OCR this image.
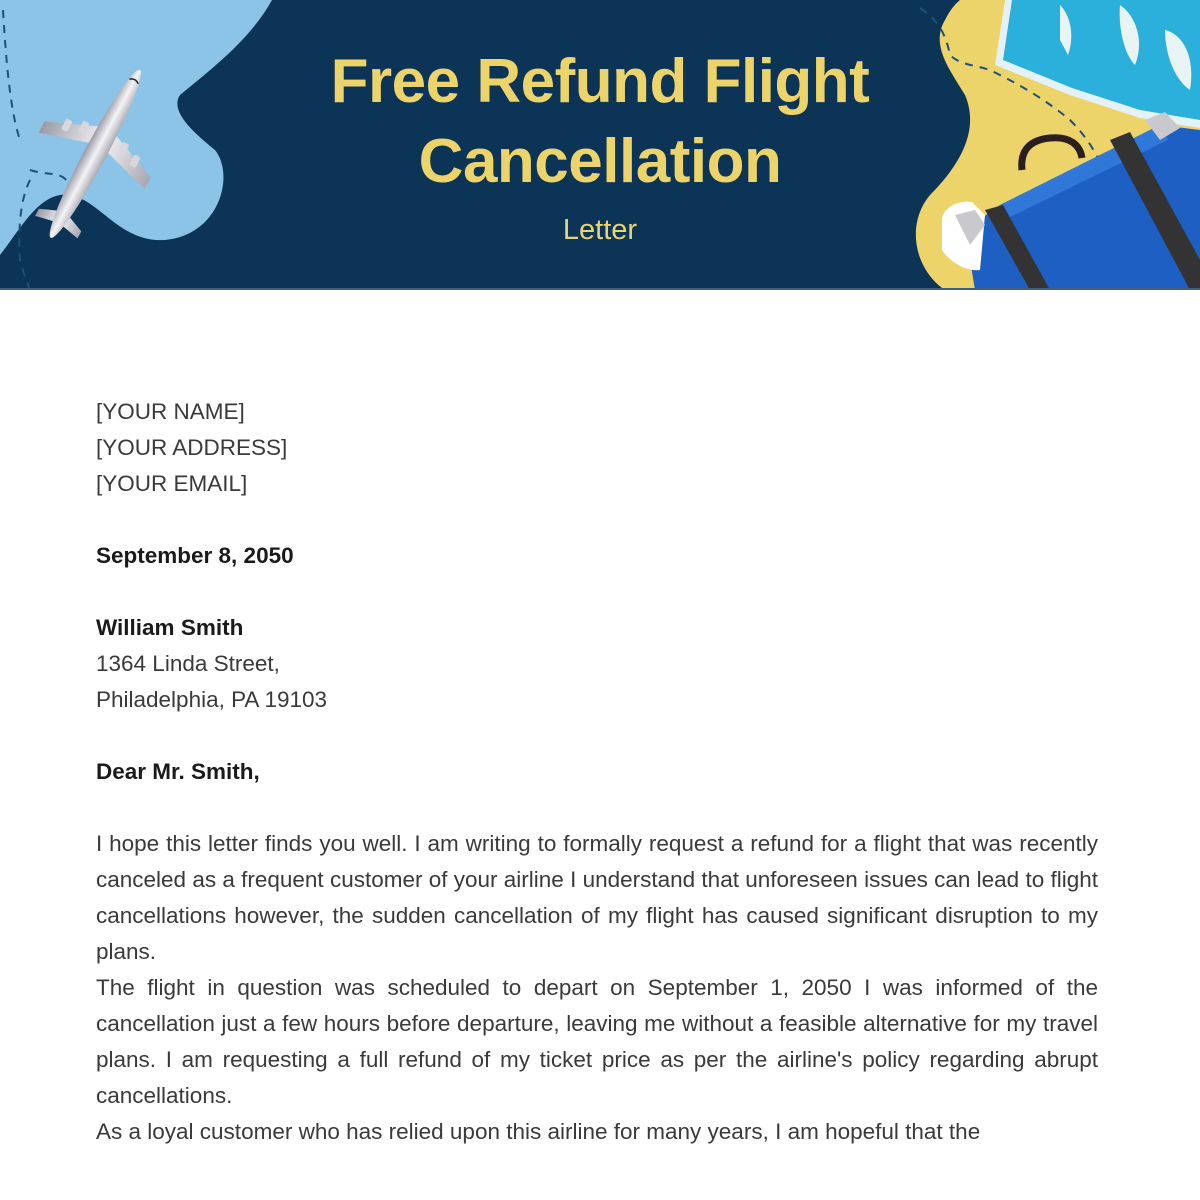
Free Refund Flight
Cancellation
Letter

[YOUR NAME]

[YOUR ADDRESS]

[YOUR EMAIL]

September 8, 2050

William Smith

1364 Linda Street,

Philadelphia, PA 19103

Dear Mr. Smith,

I hope this letter finds you well. I am writing to formally request a refund for a flight that was recently canceled as a frequent customer of your airline I understand that unforeseen issues can lead to flight cancellations however, the sudden cancellation of my flight has caused significant disruption to my plans.

The flight in question was scheduled to depart on September 1, 2050 I was informed of the cancellation just a few hours before departure, leaving me without a feasible alternative for my travel plans. I am requesting a full refund of my ticket price as per the airline's policy regarding abrupt cancellations.

As a loyal customer who has relied upon this airline for many years, I am hopeful that the
